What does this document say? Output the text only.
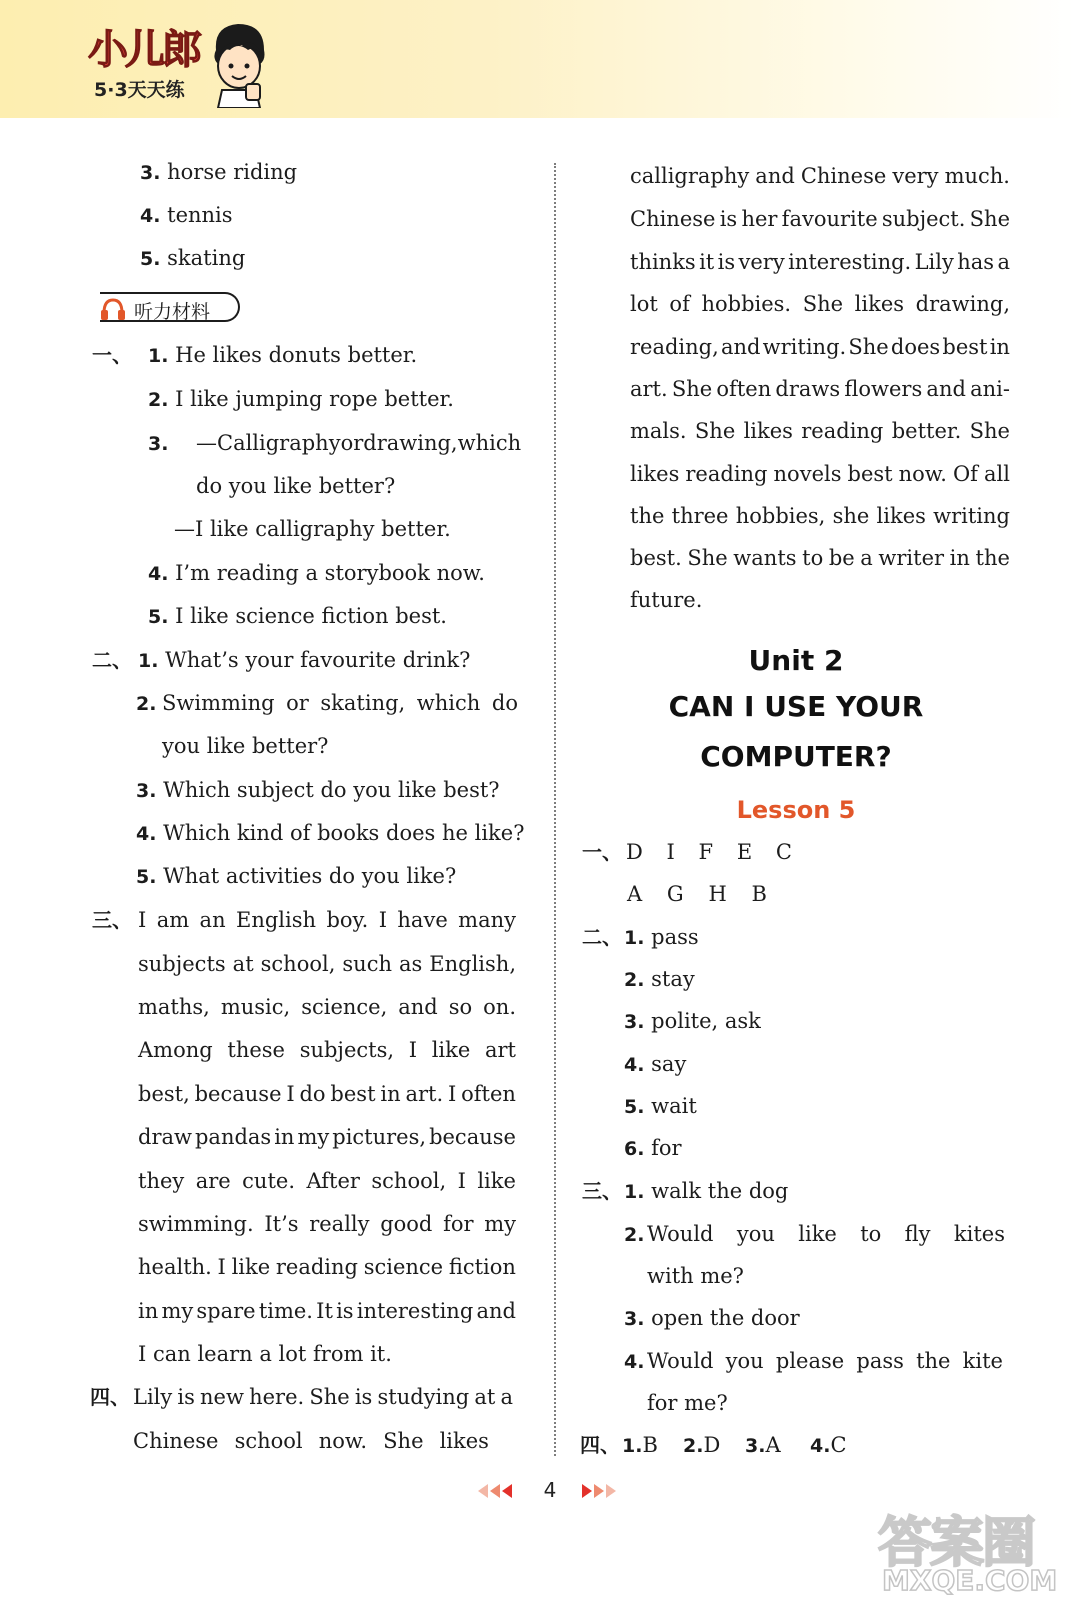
小儿郎
5·3天天练
3. horse riding
4. tennis
5. skating
听力材料
一、 1. He likes donuts better.
2. I like jumping rope better.
3. —Calligraphy or drawing, which
do you like better?
—I like calligraphy better.
4. I’m reading a storybook now.
5. I like science fiction best.
二、 1. What’s your favourite drink?
2. Swimming or skating, which do
you like better?
3. Which subject do you like best?
4. Which kind of books does he like?
5. What activities do you like?
三、 I am an English boy. I have many
subjects at school, such as English,
maths, music, science, and so on.
Among these subjects, I like art
best, because I do best in art. I often
draw pandas in my pictures, because
they are cute. After school, I like
swimming. It’s really good for my
health. I like reading science fiction
in my spare time. It is interesting and
I can learn a lot from it.
四、 Lily is new here. She is studying at a
Chinese school now. She likes
calligraphy and Chinese very much.
Chinese is her favourite subject. She
thinks it is very interesting. Lily has a
lot of hobbies. She likes drawing,
reading, and writing. She does best in
art. She often draws flowers and ani-
mals. She likes reading better. She
likes reading novels best now. Of all
the three hobbies, she likes writing
best. She wants to be a writer in the
future.
Unit 2
CAN I USE YOUR
COMPUTER?
Lesson 5
一、 D I F E C
A G H B
二、 1. pass
2. stay
3. polite, ask
4. say
5. wait
6. for
三、 1. walk the dog
2. Would you like to fly kites
with me?
3. open the door
4. Would you please pass the kite
for me?
四、 1.B 2.D 3.A 4.C
4
答案圈
MXQE.COM
